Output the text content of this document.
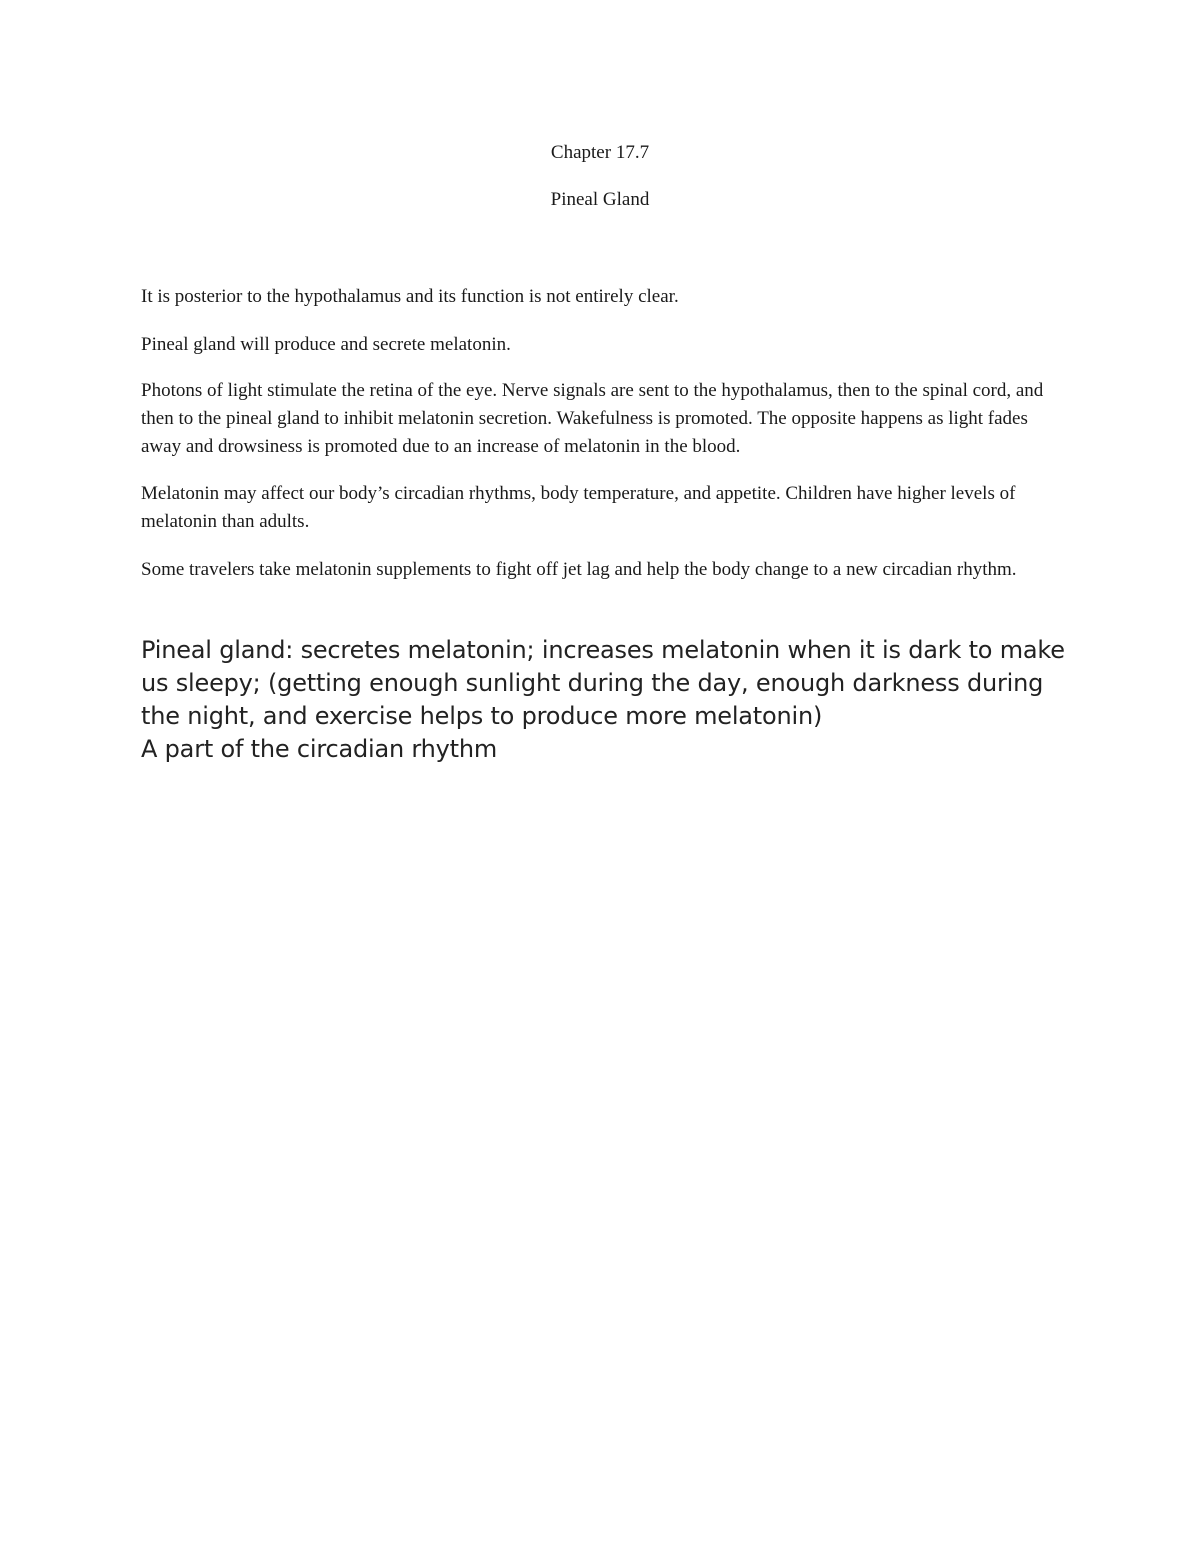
Chapter 17.7

Pineal Gland

It is posterior to the hypothalamus and its function is not entirely clear.

Pineal gland will produce and secrete melatonin.

Photons of light stimulate the retina of the eye. Nerve signals are sent to the hypothalamus, then to the spinal cord, and then to the pineal gland to inhibit melatonin secretion. Wakefulness is promoted. The opposite happens as light fades away and drowsiness is promoted due to an increase of melatonin in the blood.

Melatonin may affect our body’s circadian rhythms, body temperature, and appetite. Children have higher levels of melatonin than adults.

Some travelers take melatonin supplements to fight off jet lag and help the body change to a new circadian rhythm.

Pineal gland: secretes melatonin; increases melatonin when it is dark to make us sleepy; (getting enough sunlight during the day, enough darkness during the night, and exercise helps to produce more melatonin)
A part of the circadian rhythm
